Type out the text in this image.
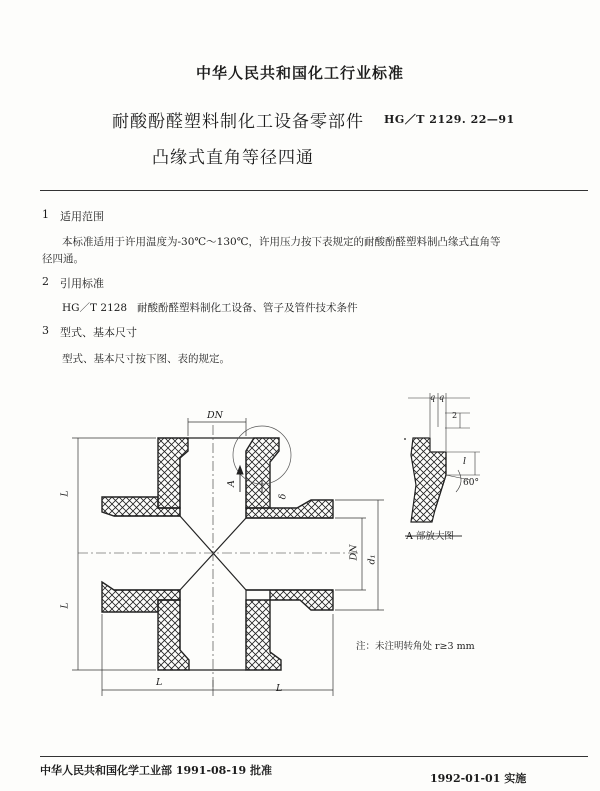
中华人民共和国化工行业标准
耐酸酚醛塑料制化工设备零部件
凸缘式直角等径四通
HG／T 2129. 22—91
1 适用范围
本标准适用于许用温度为-30℃～130℃，许用压力按下表规定的耐酸酚醛塑料制凸缘式直角等
径四通。
2 引用标准
HG／T 2128 耐酸酚醛塑料制化工设备、管子及管件技术条件
3 型式、基本尺寸
型式、基本尺寸按下图、表的规定。
DN
DN d₁
L
L
L
L
A
δ
q q
2
l
60°
A 部放大图
注：未注明转角处 r≥3 mm
中华人民共和国化学工业部 1991-08-19 批准
1992-01-01 实施
